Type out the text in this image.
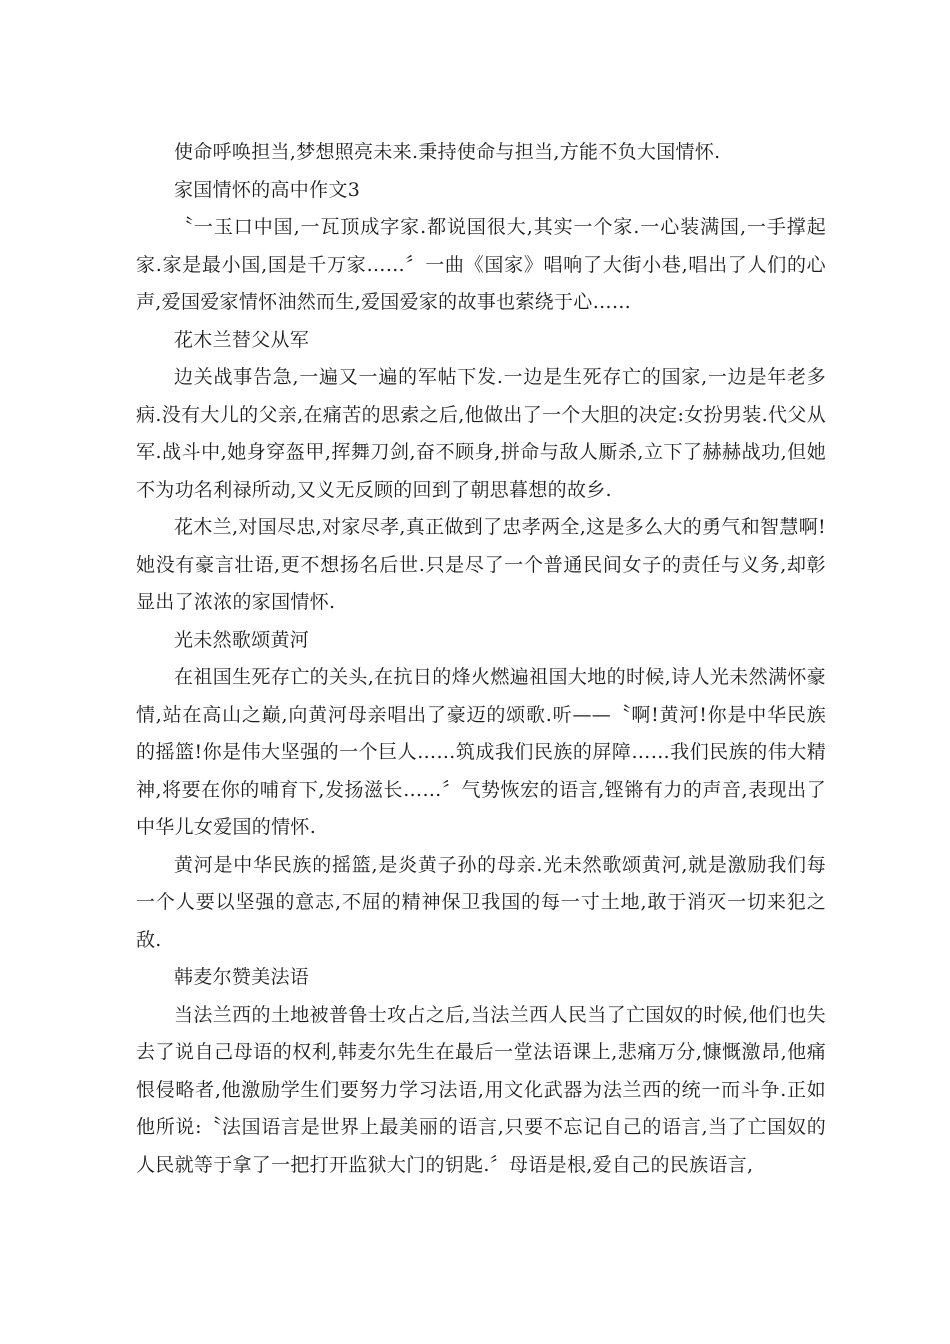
使命呼唤担当,梦想照亮未来.秉持使命与担当,方能不负大国情怀.

家国情怀的高中作文3

〝一玉口中国,一瓦顶成字家.都说国很大,其实一个家.一心装满国,一手撑起家.家是最小国,国是千万家……〞一曲《国家》唱响了大街小巷,唱出了人们的心声,爱国爱家情怀油然而生,爱国爱家的故事也萦绕于心……

花木兰替父从军

边关战事告急,一遍又一遍的军帖下发.一边是生死存亡的国家,一边是年老多病.没有大儿的父亲,在痛苦的思索之后,他做出了一个大胆的决定:女扮男装.代父从军.战斗中,她身穿盔甲,挥舞刀剑,奋不顾身,拼命与敌人厮杀,立下了赫赫战功,但她不为功名利禄所动,又义无反顾的回到了朝思暮想的故乡.

花木兰,对国尽忠,对家尽孝,真正做到了忠孝两全,这是多么大的勇气和智慧啊!她没有豪言壮语,更不想扬名后世.只是尽了一个普通民间女子的责任与义务,却彰显出了浓浓的家国情怀.

光未然歌颂黄河

在祖国生死存亡的关头,在抗日的烽火燃遍祖国大地的时候,诗人光未然满怀豪情,站在高山之巅,向黄河母亲唱出了豪迈的颂歌.听——〝啊!黄河!你是中华民族的摇篮!你是伟大坚强的一个巨人……筑成我们民族的屏障……我们民族的伟大精神,将要在你的哺育下,发扬滋长……〞气势恢宏的语言,铿锵有力的声音,表现出了中华儿女爱国的情怀.

黄河是中华民族的摇篮,是炎黄子孙的母亲.光未然歌颂黄河,就是激励我们每一个人要以坚强的意志,不屈的精神保卫我国的每一寸土地,敢于消灭一切来犯之敌.

韩麦尔赞美法语

当法兰西的土地被普鲁士攻占之后,当法兰西人民当了亡国奴的时候,他们也失去了说自己母语的权利,韩麦尔先生在最后一堂法语课上,悲痛万分,慷慨激昂,他痛恨侵略者,他激励学生们要努力学习法语,用文化武器为法兰西的统一而斗争.正如他所说:〝法国语言是世界上最美丽的语言,只要不忘记自己的语言,当了亡国奴的人民就等于拿了一把打开监狱大门的钥匙.〞母语是根,爱自己的民族语言,
